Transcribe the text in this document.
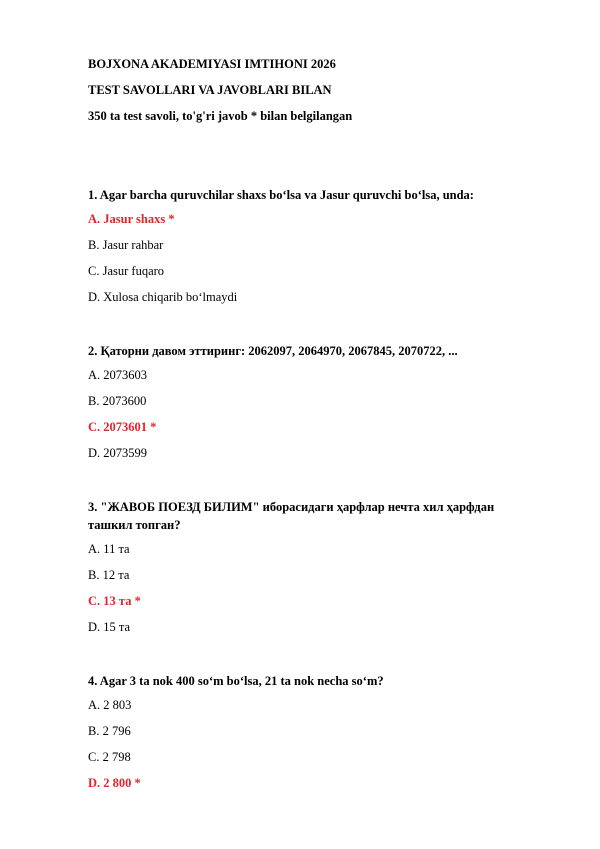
BOJXONA AKADEMIYASI IMTIHONI 2026
TEST SAVOLLARI VA JAVOBLARI BILAN
350 ta test savoli, to'g'ri javob * bilan belgilangan
1. Agar barcha quruvchilar shaxs bo‘lsa va Jasur quruvchi bo‘lsa, unda:
A. Jasur shaxs *
B. Jasur rahbar
C. Jasur fuqaro
D. Xulosa chiqarib bo‘lmaydi
2. Қаторни давом эттиринг: 2062097, 2064970, 2067845, 2070722, ...
A. 2073603
B. 2073600
C. 2073601 *
D. 2073599
3. "ЖАВОБ ПОЕЗД БИЛИМ" иборасидаги ҳарфлар нечта хил ҳарфдан ташкил топган?
A. 11 та
B. 12 та
C. 13 та *
D. 15 та
4. Agar 3 ta nok 400 so‘m bo‘lsa, 21 ta nok necha so‘m?
A. 2 803
B. 2 796
C. 2 798
D. 2 800 *
